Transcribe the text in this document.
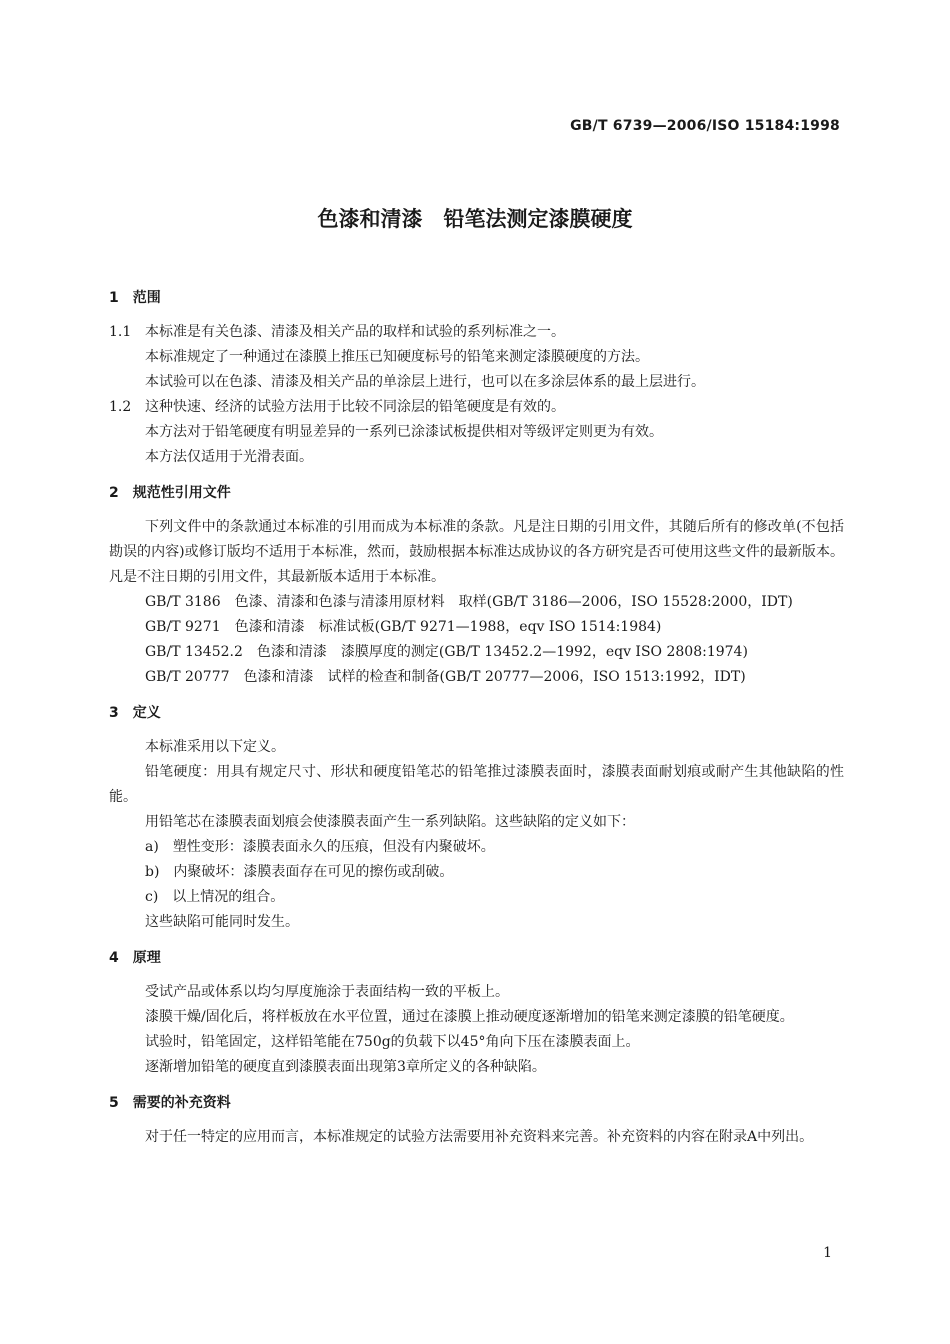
GB/T 6739—2006/ISO 15184:1998
色漆和清漆　铅笔法测定漆膜硬度
1　范围
1.1 本标准是有关色漆、清漆及相关产品的取样和试验的系列标准之一。
本标准规定了一种通过在漆膜上推压已知硬度标号的铅笔来测定漆膜硬度的方法。
本试验可以在色漆、清漆及相关产品的单涂层上进行，也可以在多涂层体系的最上层进行。
1.2 这种快速、经济的试验方法用于比较不同涂层的铅笔硬度是有效的。
本方法对于铅笔硬度有明显差异的一系列已涂漆试板提供相对等级评定则更为有效。
本方法仅适用于光滑表面。
2　规范性引用文件
下列文件中的条款通过本标准的引用而成为本标准的条款。凡是注日期的引用文件，其随后所有的修改单(不包括勘误的内容)或修订版均不适用于本标准，然而，鼓励根据本标准达成协议的各方研究是否可使用这些文件的最新版本。凡是不注日期的引用文件，其最新版本适用于本标准。
GB/T 3186　色漆、清漆和色漆与清漆用原材料　取样(GB/T 3186—2006，ISO 15528:2000，IDT)
GB/T 9271　色漆和清漆　标准试板(GB/T 9271—1988，eqv ISO 1514:1984)
GB/T 13452.2　色漆和清漆　漆膜厚度的测定(GB/T 13452.2—1992，eqv ISO 2808:1974)
GB/T 20777　色漆和清漆　试样的检查和制备(GB/T 20777—2006，ISO 1513:1992，IDT)
3　定义
本标准采用以下定义。
铅笔硬度：用具有规定尺寸、形状和硬度铅笔芯的铅笔推过漆膜表面时，漆膜表面耐划痕或耐产生其他缺陷的性能。
用铅笔芯在漆膜表面划痕会使漆膜表面产生一系列缺陷。这些缺陷的定义如下：
a)　塑性变形：漆膜表面永久的压痕，但没有内聚破坏。
b)　内聚破坏：漆膜表面存在可见的擦伤或刮破。
c)　以上情况的组合。
这些缺陷可能同时发生。
4　原理
受试产品或体系以均匀厚度施涂于表面结构一致的平板上。
漆膜干燥/固化后，将样板放在水平位置，通过在漆膜上推动硬度逐渐增加的铅笔来测定漆膜的铅笔硬度。
试验时，铅笔固定，这样铅笔能在750g的负载下以45°角向下压在漆膜表面上。
逐渐增加铅笔的硬度直到漆膜表面出现第3章所定义的各种缺陷。
5　需要的补充资料
对于任一特定的应用而言，本标准规定的试验方法需要用补充资料来完善。补充资料的内容在附录A中列出。
1
